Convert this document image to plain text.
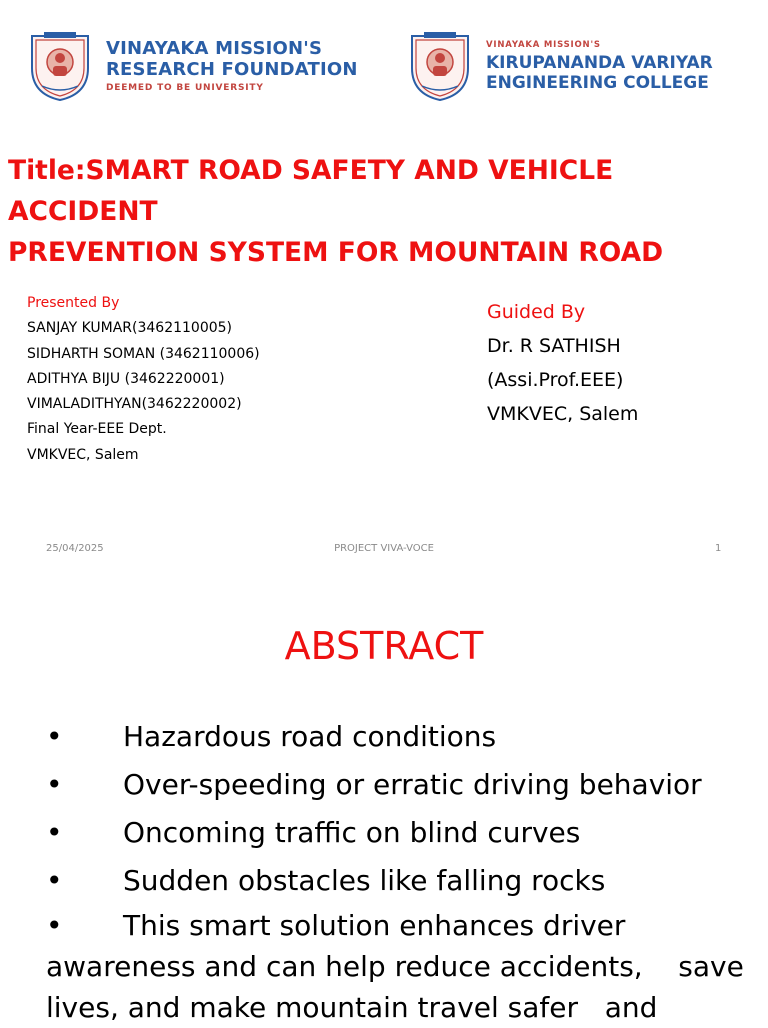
VINAYAKA MISSION'S
RESEARCH FOUNDATION
DEEMED TO BE UNIVERSITY
VINAYAKA MISSION'S
KIRUPANANDA VARIYAR
ENGINEERING COLLEGE
Title:SMART ROAD SAFETY AND VEHICLE ACCIDENT
PREVENTION SYSTEM FOR MOUNTAIN ROAD
Presented By
SANJAY KUMAR(3462110005)
SIDHARTH SOMAN (3462110006)
ADITHYA BIJU (3462220001)
VIMALADITHYAN(3462220002)
Final Year-EEE Dept.
VMKVEC, Salem
Guided By
Dr. R SATHISH
(Assi.Prof.EEE)
VMKVEC, Salem
25/04/2025	PROJECT VIVA-VOCE	1
ABSTRACT
• Hazardous road conditions
• Over-speeding or erratic driving behavior
• Oncoming traffic on blind curves
• Sudden obstacles like falling rocks
• This smart solution enhances driver
awareness and can help reduce accidents,    save
lives, and make mountain travel safer   and
